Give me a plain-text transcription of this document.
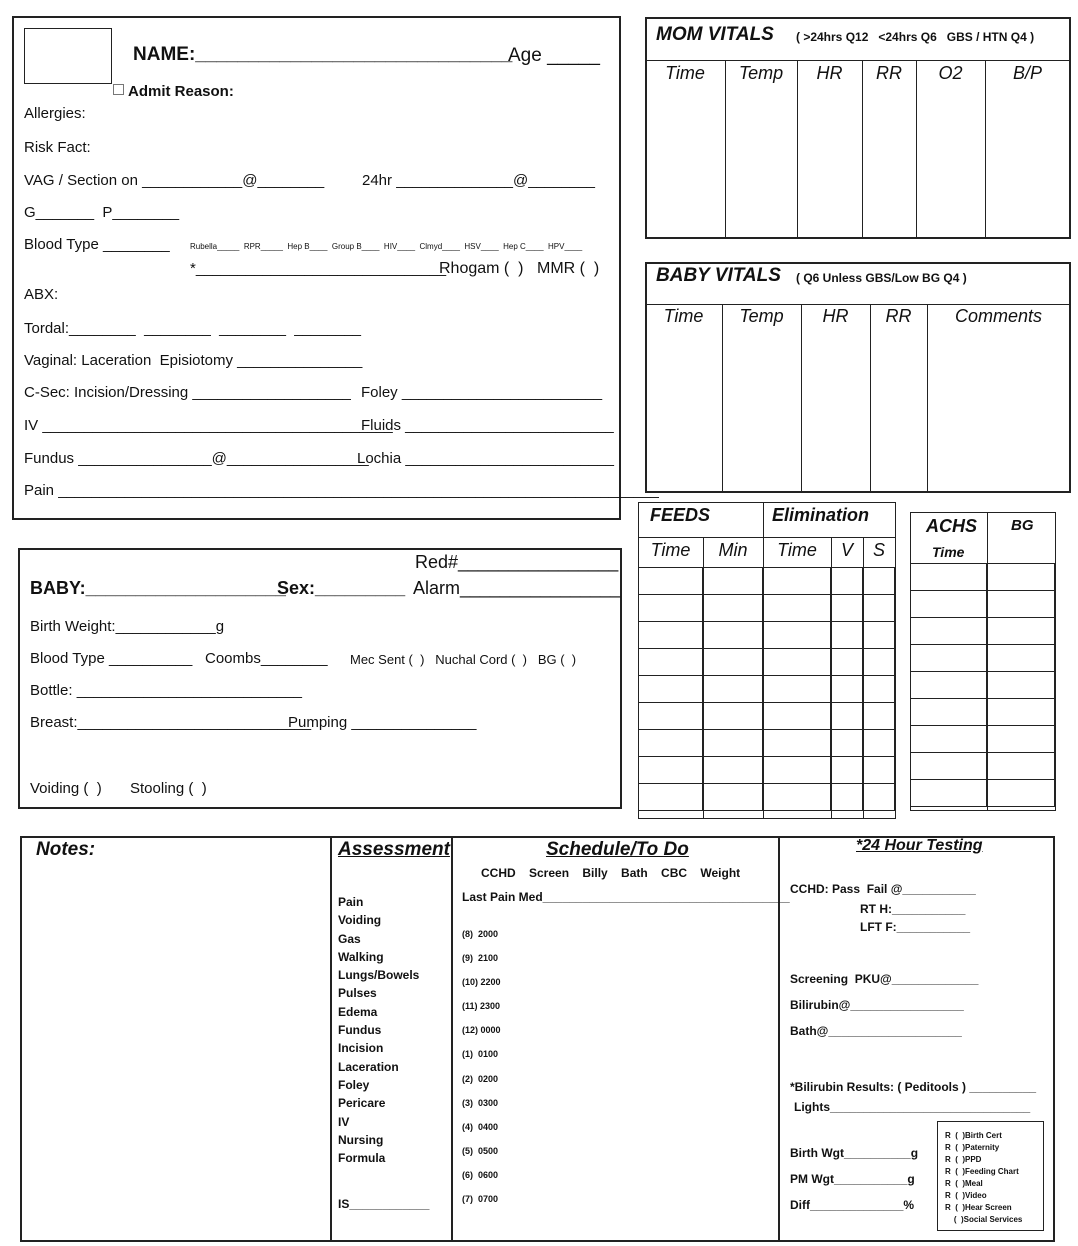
NAME:______________________________
Age _____
Admit Reason:
Allergies:
Risk Fact:
VAG / Section on ____________@________	24hr ______________@________
G_______  P________
Blood Type ________	Rubella_____  RPR_____  Hep B____  Group B____  HIV____  Clmyd____  HSV____  Hep C____  HPV____
*______________________________
Rhogam (  ) MMR (  )
ABX:
Tordal:________  ________  ________  ________
Vaginal: Laceration  Episiotomy _______________
C-Sec: Incision/Dressing ___________________ Foley ________________________
IV __________________________________________
Fluids _________________________
Fundus ________________@_________________
Lochia _________________________
Pain ________________________________________________________________________
MOM VITALS ( >24hrs Q12   <24hrs Q6   GBS / HTN Q4 )
Time	Temp	HR	RR	O2	B/P
BABY VITALS ( Q6 Unless GBS/Low BG Q4 )
Time	Temp	HR	RR	Comments
Red#________________
BABY:____________________
Sex:_________ Alarm________________
Birth Weight:____________g
Blood Type __________ Coombs________ Mec Sent (  )   Nuchal Cord (  )   BG (  )
Bottle: ___________________________
Breast:____________________________
Pumping _______________
Voiding (  ) Stooling (  )
FEEDS	Elimination
Time	Min	Time	V	S
ACHS BG
Time
Notes:	Assessment
Pain
Voiding
Gas
Walking
Lungs/Bowels
Pulses
Edema
Fundus
Incision
Laceration
Foley
Pericare
IV
Nursing
Formula
IS____________
Schedule/To Do
CCHD    Screen    Billy    Bath    CBC    Weight
Last Pain Med_____________________________________
(8)  2000
(9)  2100
(10) 2200
(11) 2300
(12) 0000
(1)  0100
(2)  0200
(3)  0300
(4)  0400
(5)  0500
(6)  0600
(7)  0700
*24 Hour Testing
CCHD: Pass  Fail @___________
RT H:___________
LFT F:___________
Screening  PKU@_____________
Bilirubin@_________________
Bath@____________________
*Bilirubin Results: ( Peditools ) __________
Lights______________________________
Birth Wgt__________g
PM Wgt___________g
Diff______________%
R  (  )Birth Cert
R  (  )Paternity
R  (  )PPD
R  (  )Feeding Chart
R  (  )Meal
R  (  )Video
R  (  )Hear Screen
(  )Social Services
